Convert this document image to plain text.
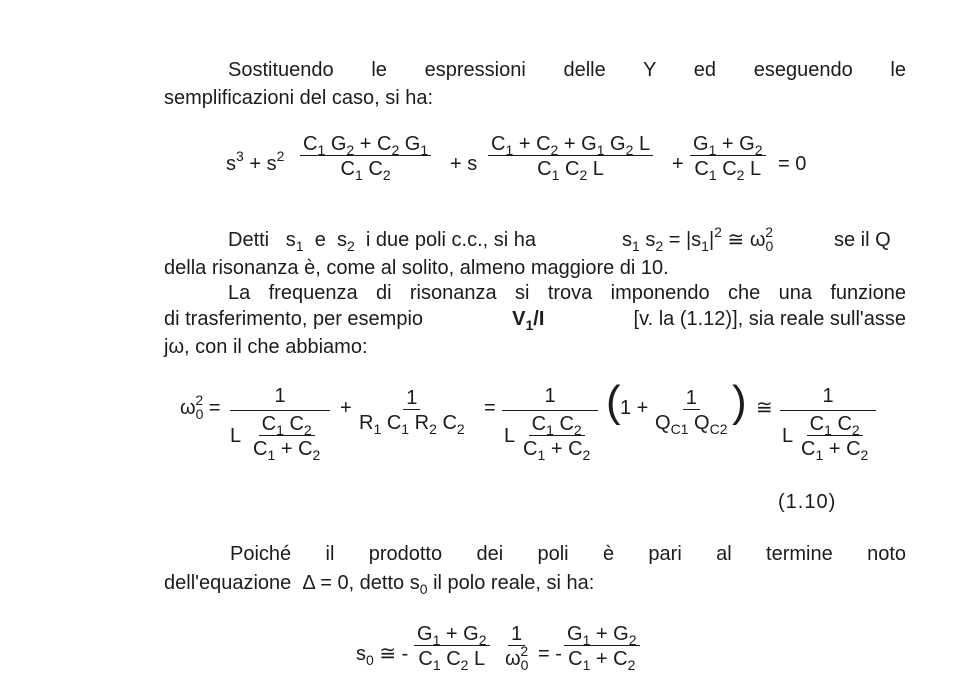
Sostituendo le espressioni delle Y ed eseguendo le
semplificazioni del caso, si ha:
$s^3 + s^2 \frac{C_1 G_2 + C_2 G_1}{C_1 C_2} + s \frac{C_1 + C_2 + G_1 G_2 L}{C_1 C_2 L} + \frac{G_1 + G_2}{C_1 C_2 L} = 0$
Detti $s_1$ e $s_2$ i due poli c.c., si ha	$s_1$ $s_2 = |s_1|^2$ ≅ $\omega_0^2$	se il Q
della risonanza è, come al solito, almeno maggiore di 10.
La frequenza di risonanza si trova imponendo che una funzione
di trasferimento, per esempio	$V_1/I$	[v. la (1.12)], sia reale sull'asse
jω, con il che abbiamo:
$\omega_0^2$ =
1
L $\frac{C_1 C_2}{C_1 + C_2}$
+ $\frac{1}{R_1 C_1 R_2 C_2}$ =
1
L $\frac{C_1 C_2}{C_1 + C_2}$
( $1 + \frac{1}{Q_{C1} Q_{C2}}$ ) ≅
1
L $\frac{C_1 C_2}{C_1 + C_2}$
(1.10)
Poiché il prodotto dei poli è pari al termine noto
dell'equazione Δ = 0, detto $s_0$ il polo reale, si ha:
$s_0$ ≅ - $\frac{G_1 + G_2}{C_1 C_2 L} \frac{1}{\omega_0^2}$ = - $\frac{G_1 + G_2}{C_1 + C_2}$
